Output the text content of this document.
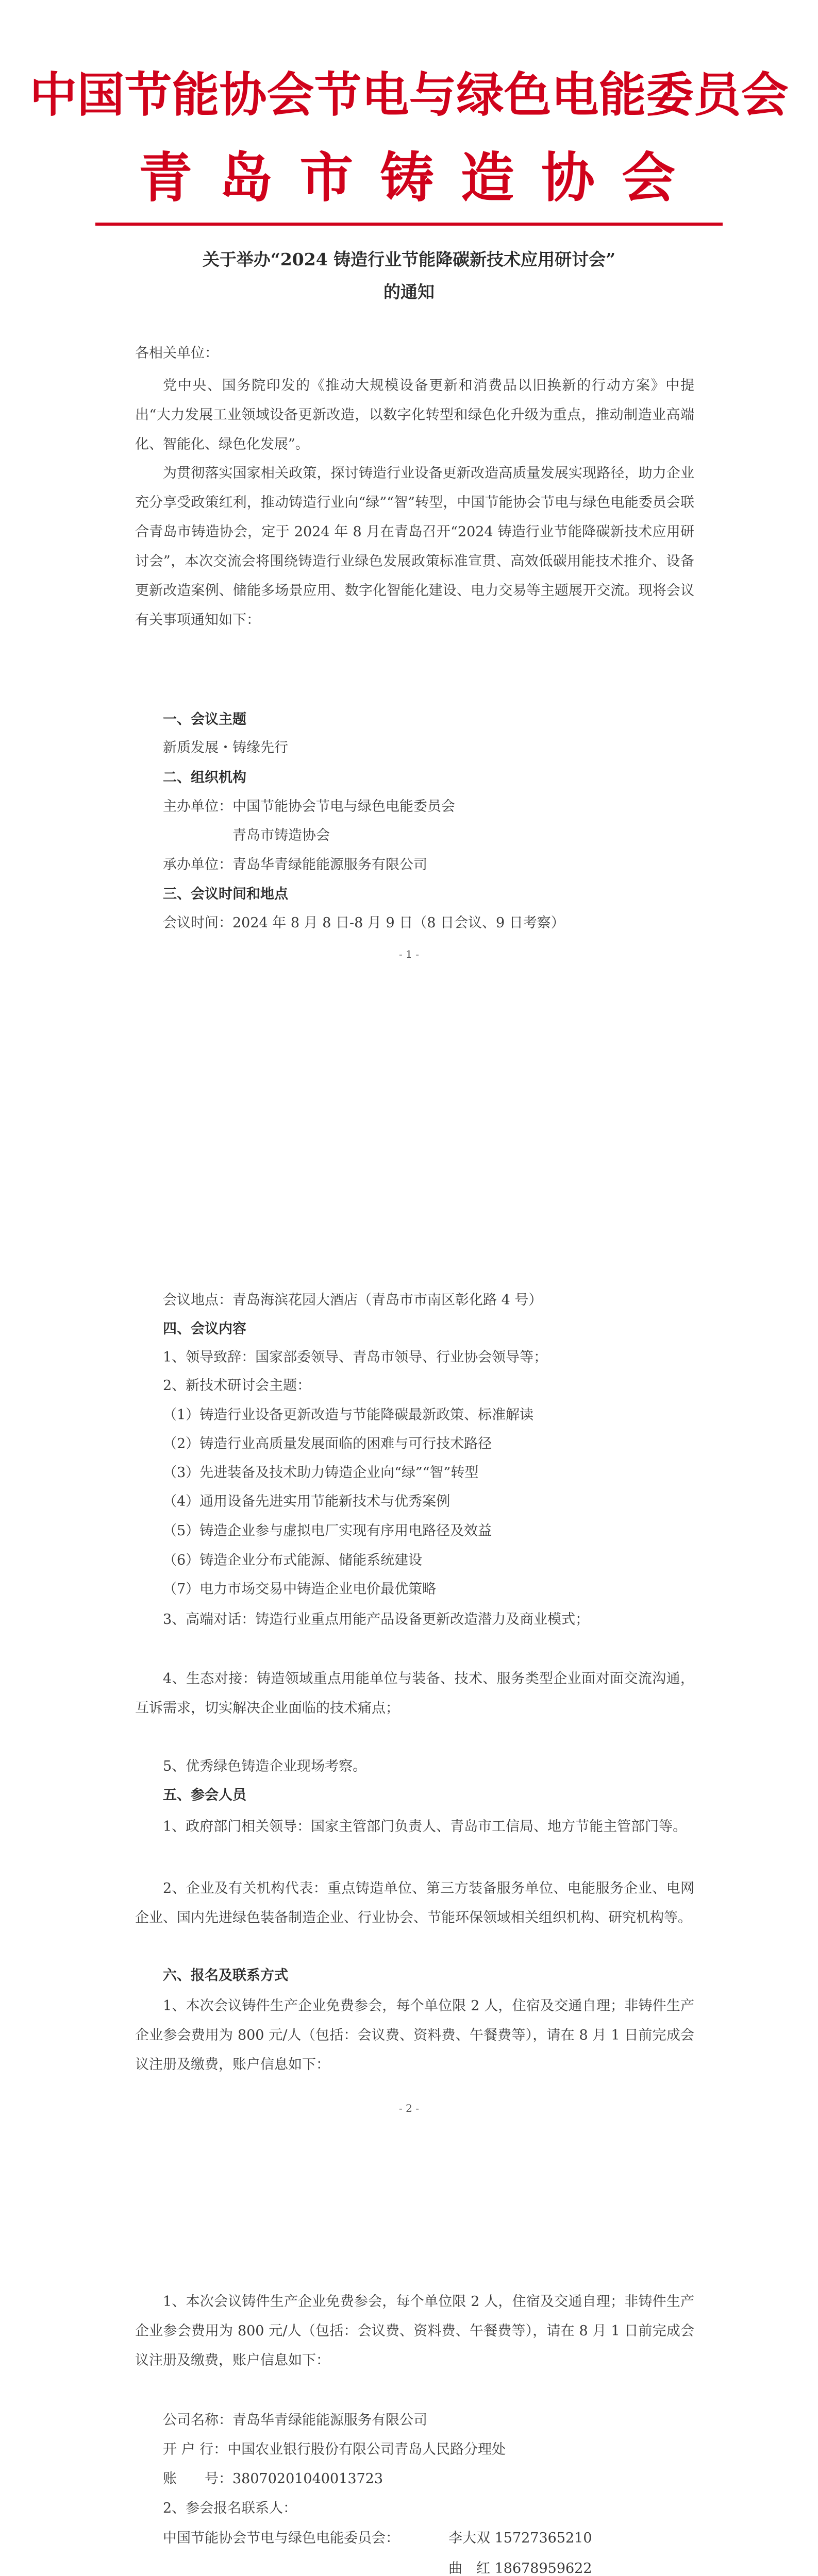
中国节能协会节电与绿色电能委员会
青 岛 市 铸 造 协 会
关于举办“2024 铸造行业节能降碳新技术应用研讨会”
的通知
各相关单位：
党中央、国务院印发的《推动大规模设备更新和消费品以旧换新的行动方案》中提出“大力发展工业领域设备更新改造，以数字化转型和绿色化升级为重点，推动制造业高端化、智能化、绿色化发展”。
为贯彻落实国家相关政策，探讨铸造行业设备更新改造高质量发展实现路径，助力企业充分享受政策红利，推动铸造行业向“绿”“智”转型，中国节能协会节电与绿色电能委员会联合青岛市铸造协会，定于 2024 年 8 月在青岛召开“2024 铸造行业节能降碳新技术应用研讨会”，本次交流会将围绕铸造行业绿色发展政策标准宣贯、高效低碳用能技术推介、设备更新改造案例、储能多场景应用、数字化智能化建设、电力交易等主题展开交流。现将会议有关事项通知如下：
一、会议主题
新质发展・铸缘先行
二、组织机构
主办单位： 中国节能协会节电与绿色电能委员会
青岛市铸造协会
承办单位： 青岛华青绿能能源服务有限公司
三、会议时间和地点
会议时间：2024 年 8 月 8 日-8 月 9 日（8 日会议、9 日考察）
- 1 -
会议地点：青岛海滨花园大酒店（青岛市市南区彰化路 4 号）
四、会议内容
1、领导致辞：国家部委领导、青岛市领导、行业协会领导等；
2、新技术研讨会主题：
（1）铸造行业设备更新改造与节能降碳最新政策、标准解读
（2）铸造行业高质量发展面临的困难与可行技术路径
（3）先进装备及技术助力铸造企业向“绿”“智”转型
（4）通用设备先进实用节能新技术与优秀案例
（5）铸造企业参与虚拟电厂实现有序用电路径及效益
（6）铸造企业分布式能源、储能系统建设
（7）电力市场交易中铸造企业电价最优策略
3、高端对话：铸造行业重点用能产品设备更新改造潜力及商业模式；
4、生态对接：铸造领域重点用能单位与装备、技术、服务类型企业面对面交流沟通，互诉需求，切实解决企业面临的技术痛点；
5、优秀绿色铸造企业现场考察。
五、参会人员
1、政府部门相关领导：国家主管部门负责人、青岛市工信局、地方节能主管部门等。
2、企业及有关机构代表：重点铸造单位、第三方装备服务单位、电能服务企业、电网企业、国内先进绿色装备制造企业、行业协会、节能环保领域相关组织机构、研究机构等。
六、报名及联系方式
1、本次会议铸件生产企业免费参会，每个单位限 2 人，住宿及交通自理；非铸件生产企业参会费用为 800 元/人（包括：会议费、资料费、午餐费等），请在 8 月 1 日前完成会议注册及缴费，账户信息如下：
- 2 -
1、本次会议铸件生产企业免费参会，每个单位限 2 人，住宿及交通自理；非铸件生产企业参会费用为 800 元/人（包括：会议费、资料费、午餐费等），请在 8 月 1 日前完成会议注册及缴费，账户信息如下：
公司名称：青岛华青绿能能源服务有限公司
开 户 行：中国农业银行股份有限公司青岛人民路分理处
账　　号：38070201040013723
2、参会报名联系人：
中国节能协会节电与绿色电能委员会：	李大双 15727365210
曲　红 18678959622
